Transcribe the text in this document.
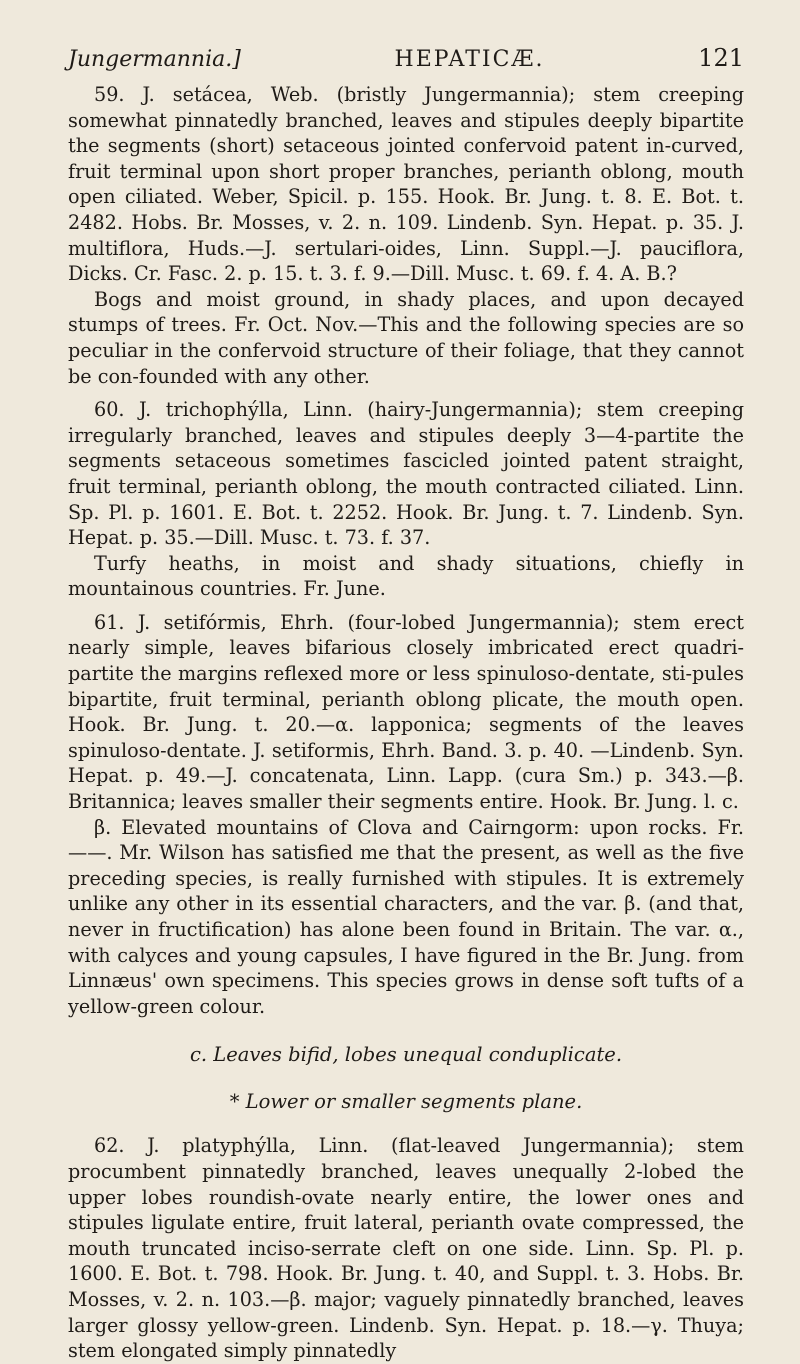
Jungermannia.]	HEPATICÆ.	121

59. J. setácea, Web. (bristly Jungermannia); stem creeping somewhat pinnatedly branched, leaves and stipules deeply bipartite the segments (short) setaceous jointed confervoid patent in-curved, fruit terminal upon short proper branches, perianth oblong, mouth open ciliated. Weber, Spicil. p. 155. Hook. Br. Jung. t. 8. E. Bot. t. 2482. Hobs. Br. Mosses, v. 2. n. 109. Lindenb. Syn. Hepat. p. 35. J. multiflora, Huds.—J. sertulari-oides, Linn. Suppl.—J. pauciflora, Dicks. Cr. Fasc. 2. p. 15. t. 3. f. 9.—Dill. Musc. t. 69. f. 4. A. B.?

Bogs and moist ground, in shady places, and upon decayed stumps of trees. Fr. Oct. Nov.—This and the following species are so peculiar in the confervoid structure of their foliage, that they cannot be con-founded with any other.

60. J. trichophýlla, Linn. (hairy-Jungermannia); stem creeping irregularly branched, leaves and stipules deeply 3—4-partite the segments setaceous sometimes fascicled jointed patent straight, fruit terminal, perianth oblong, the mouth contracted ciliated. Linn. Sp. Pl. p. 1601. E. Bot. t. 2252. Hook. Br. Jung. t. 7. Lindenb. Syn. Hepat. p. 35.—Dill. Musc. t. 73. f. 37.

Turfy heaths, in moist and shady situations, chiefly in mountainous countries. Fr. June.

61. J. setifórmis, Ehrh. (four-lobed Jungermannia); stem erect nearly simple, leaves bifarious closely imbricated erect quadri-partite the margins reflexed more or less spinuloso-dentate, sti-pules bipartite, fruit terminal, perianth oblong plicate, the mouth open. Hook. Br. Jung. t. 20.—α. lapponica; segments of the leaves spinuloso-dentate. J. setiformis, Ehrh. Band. 3. p. 40. —Lindenb. Syn. Hepat. p. 49.—J. concatenata, Linn. Lapp. (cura Sm.) p. 343.—β. Britannica; leaves smaller their segments entire. Hook. Br. Jung. l. c.

β. Elevated mountains of Clova and Cairngorm: upon rocks. Fr.——. Mr. Wilson has satisfied me that the present, as well as the five preceding species, is really furnished with stipules. It is extremely unlike any other in its essential characters, and the var. β. (and that, never in fructification) has alone been found in Britain. The var. α., with calyces and young capsules, I have figured in the Br. Jung. from Linnæus' own specimens. This species grows in dense soft tufts of a yellow-green colour.

c. Leaves bifid, lobes unequal conduplicate.
* Lower or smaller segments plane.

62. J. platyphýlla, Linn. (flat-leaved Jungermannia); stem procumbent pinnatedly branched, leaves unequally 2-lobed the upper lobes roundish-ovate nearly entire, the lower ones and stipules ligulate entire, fruit lateral, perianth ovate compressed, the mouth truncated inciso-serrate cleft on one side. Linn. Sp. Pl. p. 1600. E. Bot. t. 798. Hook. Br. Jung. t. 40, and Suppl. t. 3. Hobs. Br. Mosses, v. 2. n. 103.—β. major; vaguely pinnatedly branched, leaves larger glossy yellow-green. Lindenb. Syn. Hepat. p. 18.—γ. Thuya; stem elongated simply pinnatedly
